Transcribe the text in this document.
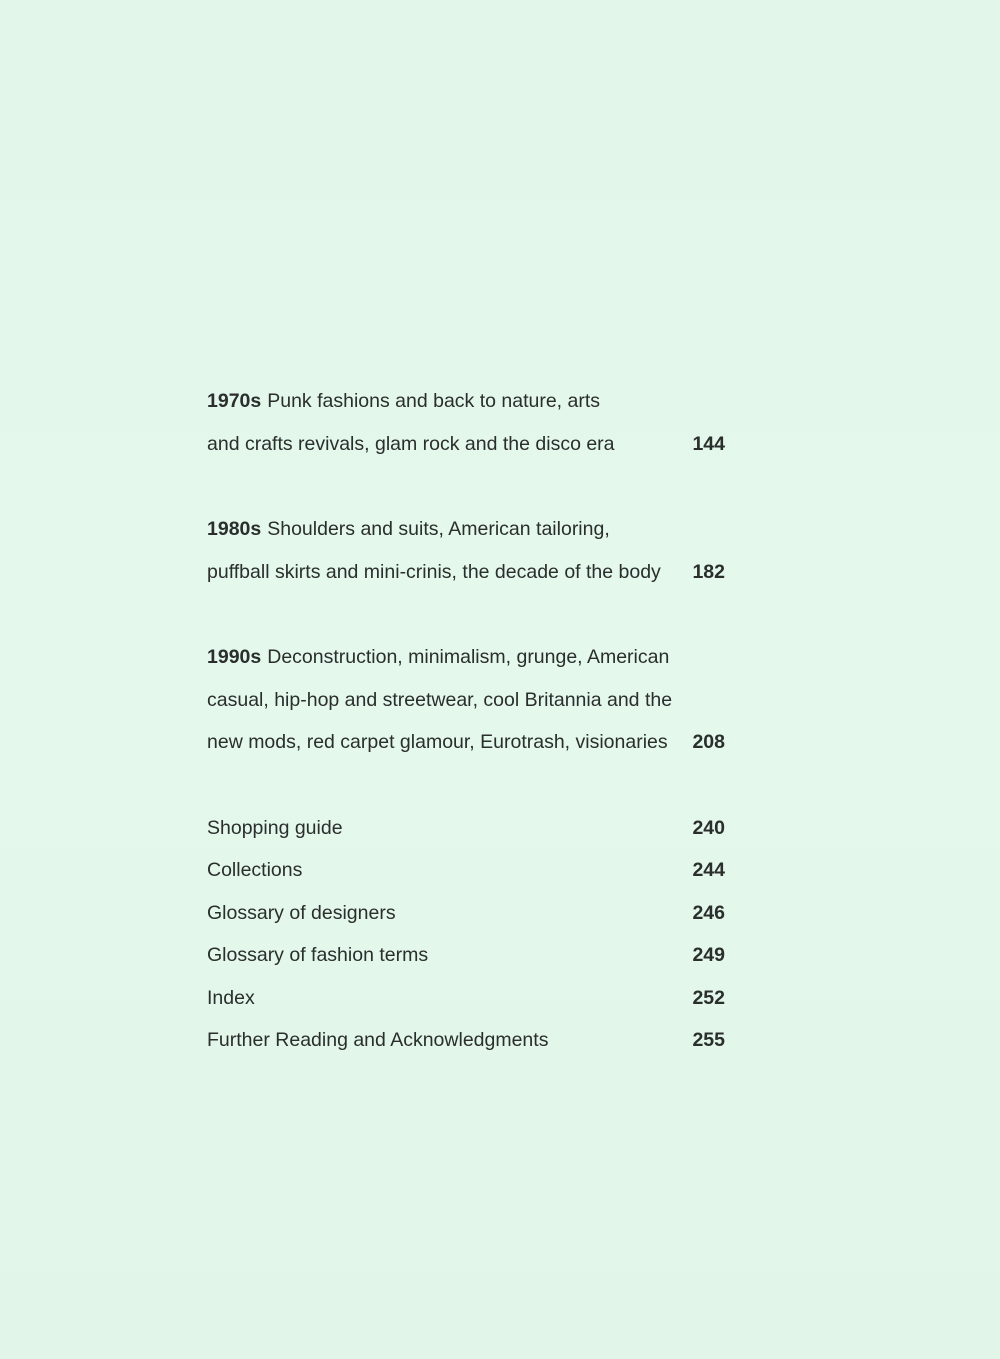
1970s Punk fashions and back to nature, arts
and crafts revivals, glam rock and the disco era	144
1980s Shoulders and suits, American tailoring,
puffball skirts and mini-crinis, the decade of the body	182
1990s Deconstruction, minimalism, grunge, American
casual, hip-hop and streetwear, cool Britannia and the
new mods, red carpet glamour, Eurotrash, visionaries	208
Shopping guide	240
Collections	244
Glossary of designers	246
Glossary of fashion terms	249
Index	252
Further Reading and Acknowledgments	255
